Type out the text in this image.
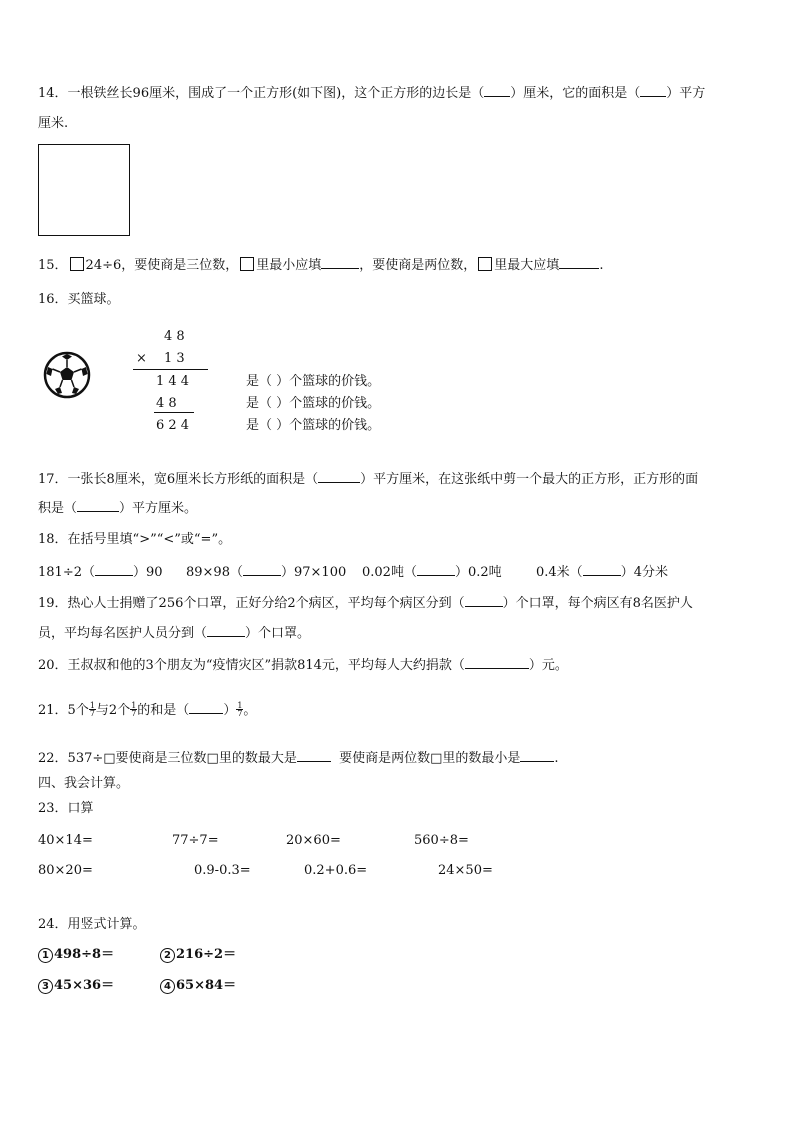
14．一根铁丝长96厘米，围成了一个正方形(如下图)，这个正方形的边长是（ ）厘米，它的面积是（ ）平方
厘米.
15． 24÷6，要使商是三位数， 里最小应填	，要使商是两位数， 里最大应填	.
16．买篮球。
4 8
× 1 3
1 4 4
4 8
6 2 4
是（ ）个篮球的价钱。
是（ ）个篮球的价钱。
是（ ）个篮球的价钱。
17．一张长8厘米，宽6厘米长方形纸的面积是（	）平方厘米，在这张纸中剪一个最大的正方形，正方形的面
积是（	）平方厘米。
18．在括号里填“>”“<”或“=”。
181÷2（	）90 89×98（	）97×100 0.02吨（	）0.2吨	0.4米（	）4分米
19．热心人士捐赠了256个口罩，正好分给2个病区，平均每个病区分到（	）个口罩，每个病区有8名医护人
员，平均每名医护人员分到（	）个口罩。
20．王叔叔和他的3个朋友为“疫情灾区”捐款814元，平均每人大约捐款（	）元。
21．5个 $\frac{1}{7}$ 与2个 $\frac{1}{7}$ 的和是（	） $\frac{1}{7}$ 。
22．537÷□要使商是三位数□里的数最大是	要使商是两位数□里的数最小是	.
四、我会计算。
23．口算
40×14=	77÷7=	20×60=	560÷8=
80×20=	0.9-0.3=	0.2+0.6=	24×50=
24．用竖式计算。
1 498÷8＝	2 216÷2＝
3 45×36＝	4 65×84＝
